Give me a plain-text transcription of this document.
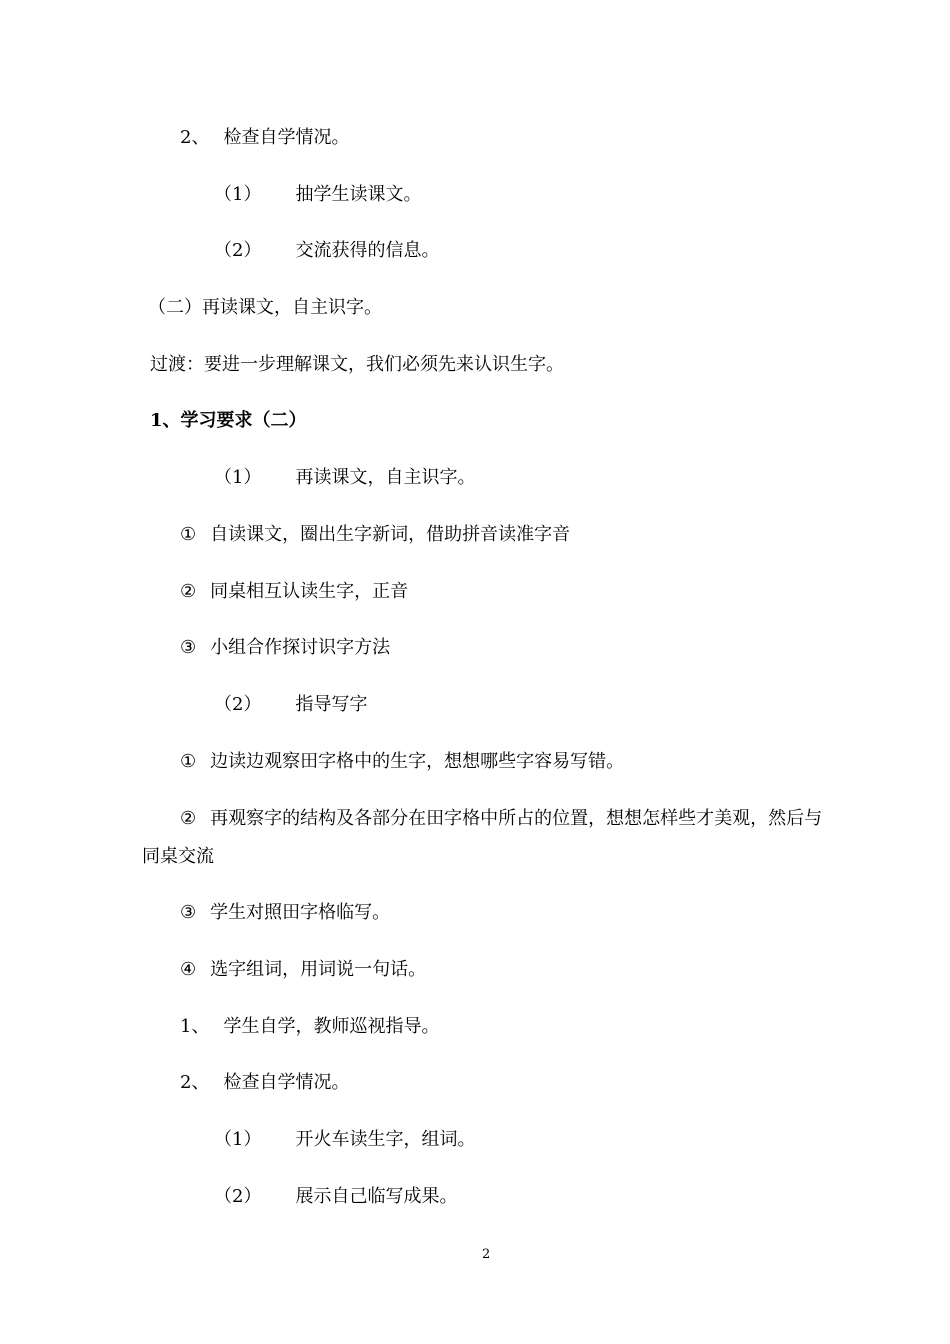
2、 检查自学情况。
（1） 抽学生读课文。
（2） 交流获得的信息。
（二）再读课文，自主识字。
过渡：要进一步理解课文，我们必须先来认识生字。
1、学习要求（二）
（1） 再读课文，自主识字。
① 自读课文，圈出生字新词，借助拼音读准字音
② 同桌相互认读生字，正音
③ 小组合作探讨识字方法
（2） 指导写字
① 边读边观察田字格中的生字，想想哪些字容易写错。
② 再观察字的结构及各部分在田字格中所占的位置，想想怎样些才美观，然后与
同桌交流
③ 学生对照田字格临写。
④ 选字组词，用词说一句话。
1、 学生自学，教师巡视指导。
2、 检查自学情况。
（1） 开火车读生字，组词。
（2） 展示自己临写成果。
2
